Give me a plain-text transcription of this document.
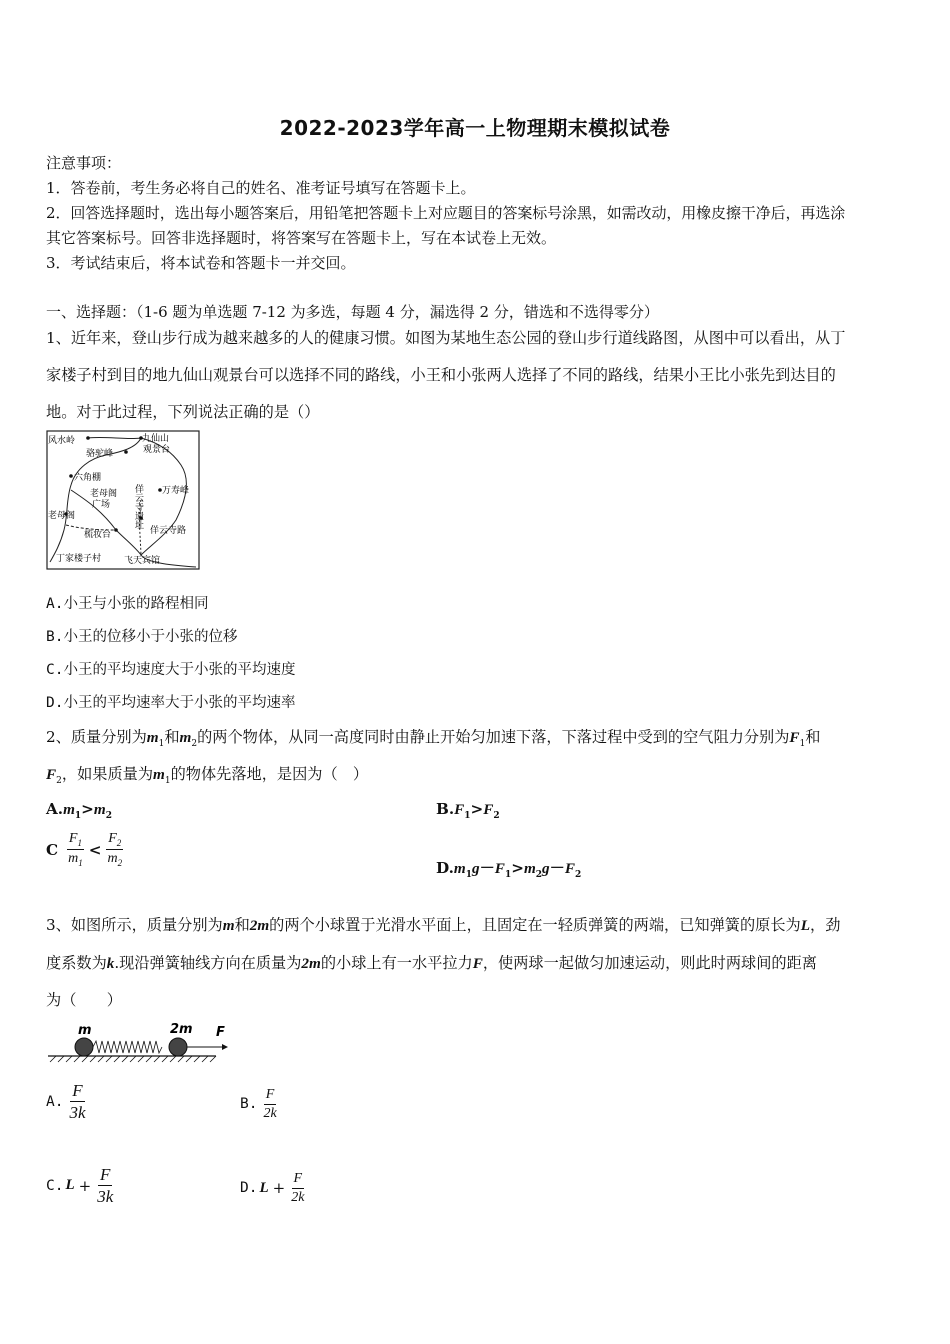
2022-2023学年高一上物理期末模拟试卷
注意事项：
1．答卷前，考生务必将自己的姓名、准考证号填写在答题卡上。
2．回答选择题时，选出每小题答案后，用铅笔把答题卡上对应题目的答案标号涂黑，如需改动，用橡皮擦干净后，再选涂
其它答案标号。回答非选择题时，将答案写在答题卡上，写在本试卷上无效。
3．考试结束后，将本试卷和答题卡一并交回。
一、选择题：（1-6 题为单选题 7-12 为多选，每题 4 分，漏选得 2 分，错选和不选得零分）
1、近年来，登山步行成为越来越多的人的健康习惯。如图为某地生态公园的登山步行道线路图，从图中可以看出，从丁
家楼子村到目的地九仙山观景台可以选择不同的路线，小王和小张两人选择了不同的路线，结果小王比小张先到达目的
地。对于此过程，下列说法正确的是（）
风水岭	九仙山
观景台
骆驼峰
六角棚
老母阁
广场
万寿峰
老母阁
梳妆台	佯云寺路
丁家楼子村	飞天宾馆
佯云寺遗址
A.小王与小张的路程相同
B.小王的位移小于小张的位移
C.小王的平均速度大于小张的平均速度
D.小王的平均速率大于小张的平均速率
2、质量分别为$m_1$和$m_2$的两个物体，从同一高度同时由静止开始匀加速下落，下落过程中受到的空气阻力分别为$F_1$和
$F_2$，如果质量为$m_1$的物体先落地，是因为（　）
$A.m_1>m_2$	$B.F_1>F_2$
C $\frac{F_1}{m_1} < \frac{F_2}{m_2}$	$D.m_1g-F_1>m_2g-F_2$
3、如图所示，质量分别为m和2m的两个小球置于光滑水平面上，且固定在一轻质弹簧的两端，已知弹簧的原长为L，劲
度系数为k.现沿弹簧轴线方向在质量为2m的小球上有一水平拉力F，使两球一起做匀加速运动，则此时两球间的距离
为（　　）
m	2m F
A. $\frac{F}{3k}$	B. $\frac{F}{2k}$
C. $L + \frac{F}{3k}$	D. $L + \frac{F}{2k}$
